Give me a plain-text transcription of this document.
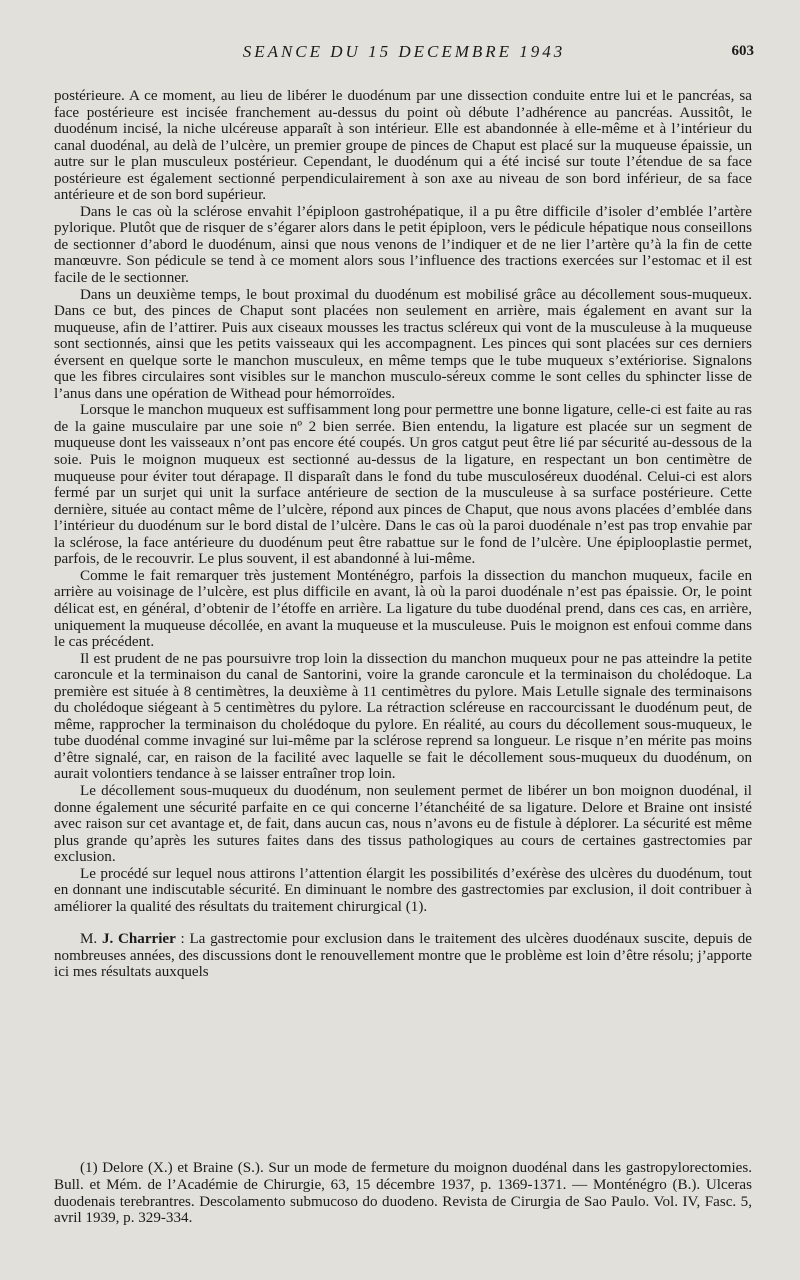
SEANCE DU 15 DECEMBRE 1943	603

postérieure. A ce moment, au lieu de libérer le duodénum par une dissection conduite entre lui et le pancréas, sa face postérieure est incisée franchement au-dessus du point où débute l’adhérence au pancréas. Aussitôt, le duodénum incisé, la niche ulcéreuse apparaît à son intérieur. Elle est abandonnée à elle-même et à l’intérieur du canal duodénal, au delà de l’ulcère, un premier groupe de pinces de Chaput est placé sur la muqueuse épaissie, un autre sur le plan musculeux postérieur. Cependant, le duodénum qui a été incisé sur toute l’étendue de sa face postérieure est également sectionné perpendiculairement à son axe au niveau de son bord inférieur, de sa face antérieure et de son bord supérieur.

Dans le cas où la sclérose envahit l’épiploon gastrohépatique, il a pu être difficile d’isoler d’emblée l’artère pylorique. Plutôt que de risquer de s’égarer alors dans le petit épiploon, vers le pédicule hépatique nous conseillons de sectionner d’abord le duodénum, ainsi que nous venons de l’indiquer et de ne lier l’artère qu’à la fin de cette manœuvre. Son pédicule se tend à ce moment alors sous l’influence des tractions exercées sur l’estomac et il est facile de le sectionner.

Dans un deuxième temps, le bout proximal du duodénum est mobilisé grâce au décollement sous-muqueux. Dans ce but, des pinces de Chaput sont placées non seulement en arrière, mais également en avant sur la muqueuse, afin de l’attirer. Puis aux ciseaux mousses les tractus scléreux qui vont de la musculeuse à la muqueuse sont sectionnés, ainsi que les petits vaisseaux qui les accompagnent. Les pinces qui sont placées sur ces derniers éversent en quelque sorte le manchon musculeux, en même temps que le tube muqueux s’extériorise. Signalons que les fibres circulaires sont visibles sur le manchon musculo-séreux comme le sont celles du sphincter lisse de l’anus dans une opération de Withead pour hémorroïdes.

Lorsque le manchon muqueux est suffisamment long pour permettre une bonne ligature, celle-ci est faite au ras de la gaine musculaire par une soie nº 2 bien serrée. Bien entendu, la ligature est placée sur un segment de muqueuse dont les vaisseaux n’ont pas encore été coupés. Un gros catgut peut être lié par sécurité au-dessous de la soie. Puis le moignon muqueux est sectionné au-dessus de la ligature, en respectant un bon centimètre de muqueuse pour éviter tout dérapage. Il disparaît dans le fond du tube musculoséreux duodénal. Celui-ci est alors fermé par un surjet qui unit la surface antérieure de section de la musculeuse à sa surface postérieure. Cette dernière, située au contact même de l’ulcère, répond aux pinces de Chaput, que nous avons placées d’emblée dans l’intérieur du duodénum sur le bord distal de l’ulcère. Dans le cas où la paroi duodénale n’est pas trop envahie par la sclérose, la face antérieure du duodénum peut être rabattue sur le fond de l’ulcère. Une épiplooplastie permet, parfois, de le recouvrir. Le plus souvent, il est abandonné à lui-même.

Comme le fait remarquer très justement Monténégro, parfois la dissection du manchon muqueux, facile en arrière au voisinage de l’ulcère, est plus difficile en avant, là où la paroi duodénale n’est pas épaissie. Or, le point délicat est, en général, d’obtenir de l’étoffe en arrière. La ligature du tube duodénal prend, dans ces cas, en arrière, uniquement la muqueuse décollée, en avant la muqueuse et la musculeuse. Puis le moignon est enfoui comme dans le cas précédent.

Il est prudent de ne pas poursuivre trop loin la dissection du manchon muqueux pour ne pas atteindre la petite caroncule et la terminaison du canal de Santorini, voire la grande caroncule et la terminaison du cholédoque. La première est située à 8 centimètres, la deuxième à 11 centimètres du pylore. Mais Letulle signale des terminaisons du cholédoque siégeant à 5 centimètres du pylore. La rétraction scléreuse en raccourcissant le duodénum peut, de même, rapprocher la terminaison du cholédoque du pylore. En réalité, au cours du décollement sous-muqueux, le tube duodénal comme invaginé sur lui-même par la sclérose reprend sa longueur. Le risque n’en mérite pas moins d’être signalé, car, en raison de la facilité avec laquelle se fait le décollement sous-muqueux du duodénum, on aurait volontiers tendance à se laisser entraîner trop loin.

Le décollement sous-muqueux du duodénum, non seulement permet de libérer un bon moignon duodénal, il donne également une sécurité parfaite en ce qui concerne l’étanchéité de sa ligature. Delore et Braine ont insisté avec raison sur cet avantage et, de fait, dans aucun cas, nous n’avons eu de fistule à déplorer. La sécurité est même plus grande qu’après les sutures faites dans des tissus pathologiques au cours de certaines gastrectomies par exclusion.

Le procédé sur lequel nous attirons l’attention élargit les possibilités d’exérèse des ulcères du duodénum, tout en donnant une indiscutable sécurité. En diminuant le nombre des gastrectomies par exclusion, il doit contribuer à améliorer la qualité des résultats du traitement chirurgical (1).

M. J. Charrier : La gastrectomie pour exclusion dans le traitement des ulcères duodénaux suscite, depuis de nombreuses années, des discussions dont le renouvellement montre que le problème est loin d’être résolu; j’apporte ici mes résultats auxquels

(1) Delore (X.) et Braine (S.). Sur un mode de fermeture du moignon duodénal dans les gastropylorectomies. Bull. et Mém. de l’Académie de Chirurgie, 63, 15 décembre 1937, p. 1369-1371. — Monténégro (B.). Ulceras duodenais terebrantres. Descolamento submucoso do duodeno. Revista de Cirurgia de Sao Paulo. Vol. IV, Fasc. 5, avril 1939, p. 329-334.
